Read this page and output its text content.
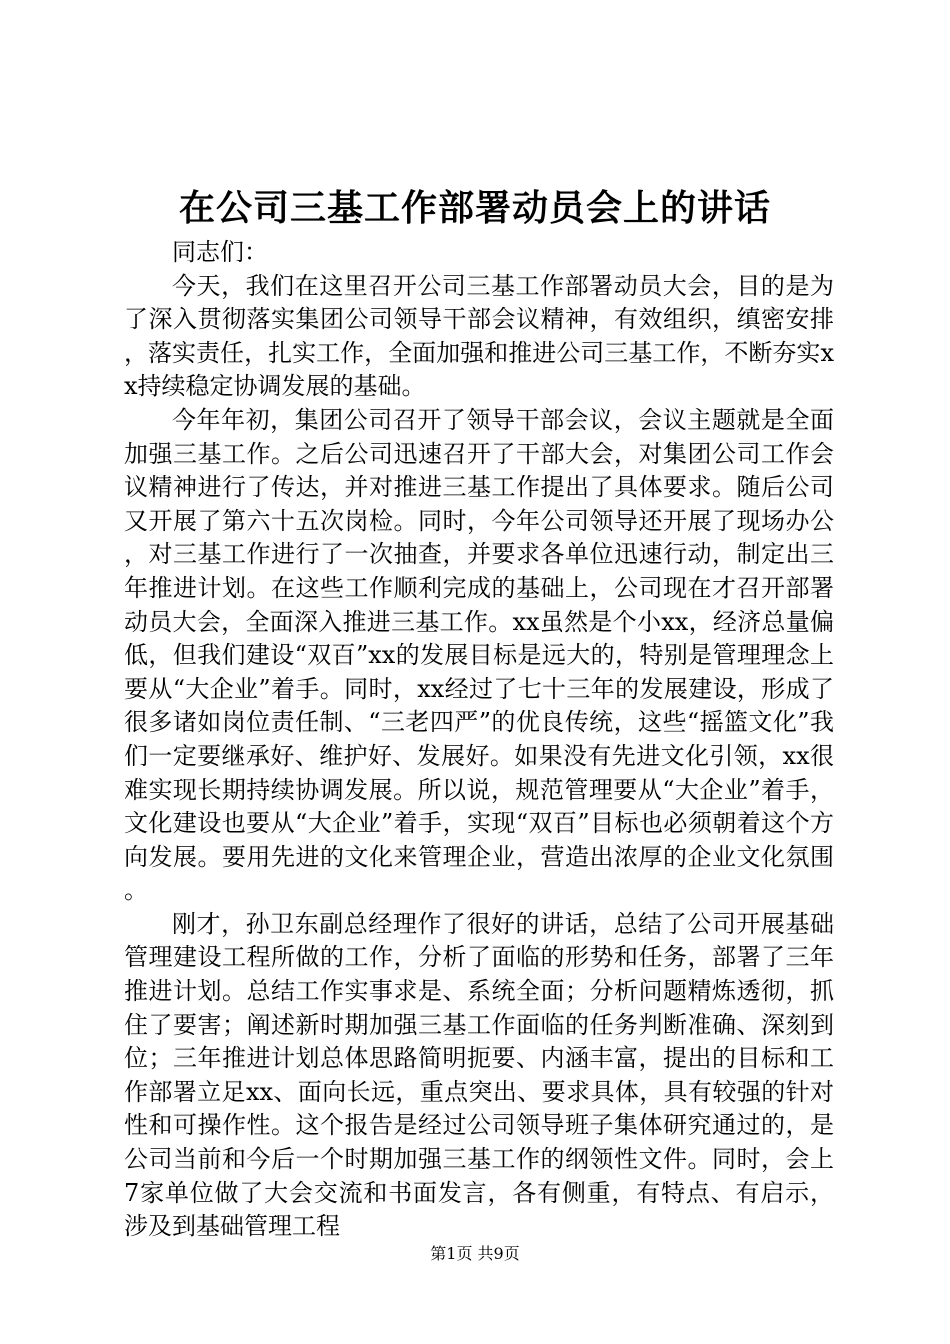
在公司三基工作部署动员会上的讲话

同志们：

今天，我们在这里召开公司三基工作部署动员大会，目的是为了深入贯彻落实集团公司领导干部会议精神，有效组织，缜密安排，落实责任，扎实工作，全面加强和推进公司三基工作，不断夯实xx持续稳定协调发展的基础。

今年年初，集团公司召开了领导干部会议，会议主题就是全面加强三基工作。之后公司迅速召开了干部大会，对集团公司工作会议精神进行了传达，并对推进三基工作提出了具体要求。随后公司又开展了第六十五次岗检。同时，今年公司领导还开展了现场办公，对三基工作进行了一次抽查，并要求各单位迅速行动，制定出三年推进计划。在这些工作顺利完成的基础上，公司现在才召开部署动员大会，全面深入推进三基工作。xx虽然是个小xx，经济总量偏低，但我们建设“双百”xx的发展目标是远大的，特别是管理理念上要从“大企业”着手。同时，xx经过了七十三年的发展建设，形成了很多诸如岗位责任制、“三老四严”的优良传统，这些“摇篮文化”我们一定要继承好、维护好、发展好。如果没有先进文化引领，xx很难实现长期持续协调发展。所以说，规范管理要从“大企业”着手，文化建设也要从“大企业”着手，实现“双百”目标也必须朝着这个方向发展。要用先进的文化来管理企业，营造出浓厚的企业文化氛围。

刚才，孙卫东副总经理作了很好的讲话，总结了公司开展基础管理建设工程所做的工作，分析了面临的形势和任务，部署了三年推进计划。总结工作实事求是、系统全面；分析问题精炼透彻，抓住了要害；阐述新时期加强三基工作面临的任务判断准确、深刻到位；三年推进计划总体思路简明扼要、内涵丰富，提出的目标和工作部署立足xx、面向长远，重点突出、要求具体，具有较强的针对性和可操作性。这个报告是经过公司领导班子集体研究通过的，是公司当前和今后一个时期加强三基工作的纲领性文件。同时，会上7家单位做了大会交流和书面发言，各有侧重，有特点、有启示，涉及到基础管理工程

第1页 共9页
